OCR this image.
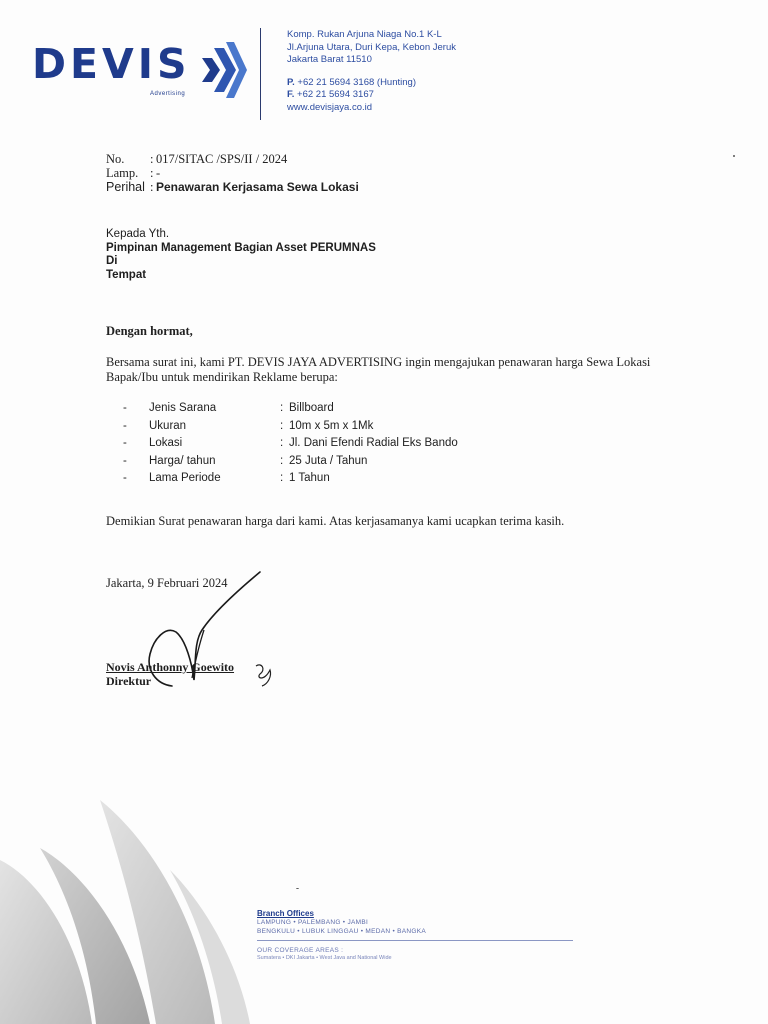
DEVIS
Advertising
Komp. Rukan Arjuna Niaga No.1 K-L
Jl.Arjuna Utara, Duri Kepa, Kebon Jeruk
Jakarta Barat 11510
P. +62 21 5694 3168 (Hunting)
F. +62 21 5694 3167
www.devisjaya.co.id
No.	: 017/SITAC /SPS/II / 2024
Lamp. : -
Perihal : Penawaran Kerjasama Sewa Lokasi
Kepada Yth.
Pimpinan Management Bagian Asset PERUMNAS
Di
Tempat
Dengan hormat,
Bersama surat ini, kami PT. DEVIS JAYA ADVERTISING ingin mengajukan penawaran harga Sewa Lokasi Bapak/Ibu untuk mendirikan Reklame berupa:
-	Jenis Sarana	: Billboard
-	Ukuran	: 10m x 5m x 1Mk
-	Lokasi	: Jl. Dani Efendi Radial Eks Bando
-	Harga/ tahun	: 25 Juta / Tahun
-	Lama Periode	: 1 Tahun
Demikian Surat penawaran harga dari kami. Atas kerjasamanya kami ucapkan terima kasih.
Jakarta, 9 Februari 2024
Novis Anthonny Goewito
Direktur
Branch Offices
LAMPUNG • PALEMBANG • JAMBI
BENGKULU • LUBUK LINGGAU • MEDAN • BANGKA
OUR COVERAGE AREAS :
Sumatera • DKI Jakarta • West Java and National Wide
